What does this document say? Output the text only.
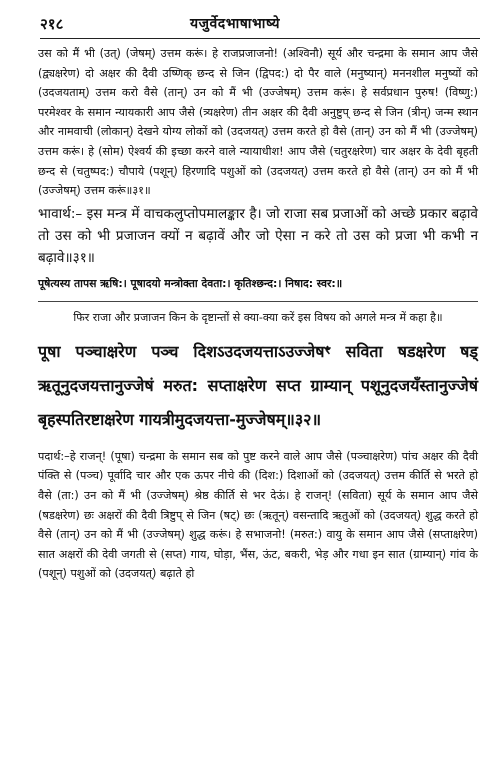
२१८	यजुर्वेदभाषाभाष्ये

उस को मैं भी (उत्) (जेषम्) उत्तम करूं। हे राजप्रजाजनो! (अश्विनौ) सूर्य और चन्द्रमा के समान आप जैसे (द्व्यक्षरेण) दो अक्षर की दैवी उष्णिक् छन्द से जिन (द्विपद:) दो पैर वाले (मनुष्यान्) मननशील मनुष्यों को (उदजयताम्) उत्तम करो वैसे (तान्) उन को मैं भी (उज्जेषम्) उत्तम करूं। हे सर्वप्रधान पुरुष! (विष्णु:) परमेश्वर के समान न्यायकारी आप जैसे (त्र्यक्षरेण) तीन अक्षर की दैवी अनुष्टुप् छन्द से जिन (त्रीन्) जन्म स्थान और नामवाची (लोकान्) देखने योग्य लोकों को (उदजयत्) उत्तम करते हो वैसे (तान्) उन को मैं भी (उज्जेषम्) उत्तम करूं। हे (सोम) ऐश्वर्य की इच्छा करने वाले न्यायाधीश! आप जैसे (चतुरक्षरेण) चार अक्षर के देवी बृहती छन्द से (चतुष्पद:) चौपाये (पशून्) हिरणादि पशुओं को (उदजयत्) उत्तम करते हो वैसे (तान्) उन को मैं भी (उज्जेषम्) उत्तम करूं॥३१॥

भावार्थ:– इस मन्त्र में वाचकलुप्तोपमालङ्कार है। जो राजा सब प्रजाओं को अच्छे प्रकार बढ़ावे तो उस को भी प्रजाजन क्यों न बढ़ावें और जो ऐसा न करे तो उस को प्रजा भी कभी न बढ़ावे॥३१॥

पूषेत्यस्य तापस ऋषि:। पूषादयो मन्त्रोक्ता देवता:। कृतिश्छन्द:। निषाद: स्वर:॥

फिर राजा और प्रजाजन किन के दृष्टान्तों से क्या-क्या करें इस विषय को अगले मन्त्र में कहा है॥

पूषा पञ्चाक्षरेण पञ्च दिशऽउदजयत्ताऽउज्जेषꣳ सविता षडक्षरेण षड् ऋतूनुदजयत्तानुज्जेषं मरुत: सप्ताक्षरेण सप्त ग्राम्यान् पशूनुदजयँस्तानुज्जेषं बृहस्पतिरष्टाक्षरेण गायत्रीमुदजयत्ता-मुज्जेषम्॥३२॥

पदार्थ:–हे राजन्! (पूषा) चन्द्रमा के समान सब को पुष्ट करने वाले आप जैसे (पञ्चाक्षरेण) पांच अक्षर की दैवी पंक्ति से (पञ्च) पूर्वादि चार और एक ऊपर नीचे की (दिश:) दिशाओं को (उदजयत्) उत्तम कीर्ति से भरते हो वैसे (ता:) उन को मैं भी (उज्जेषम्) श्रेष्ठ कीर्ति से भर देऊं। हे राजन्! (सविता) सूर्य के समान आप जैसे (षडक्षरेण) छः अक्षरों की दैवी त्रिष्टुप् से जिन (षट्) छः (ऋतून्) वसन्तादि ऋतुओं को (उदजयत्) शुद्ध करते हो वैसे (तान्) उन को मैं भी (उज्जेषम्) शुद्ध करूं। हे सभाजनो! (मरुत:) वायु के समान आप जैसे (सप्ताक्षरेण) सात अक्षरों की देवी जगती से (सप्त) गाय, घोड़ा, भैंस, ऊंट, बकरी, भेड़ और गधा इन सात (ग्राम्यान्) गांव के (पशून्) पशुओं को (उदजयत्) बढ़ाते हो
